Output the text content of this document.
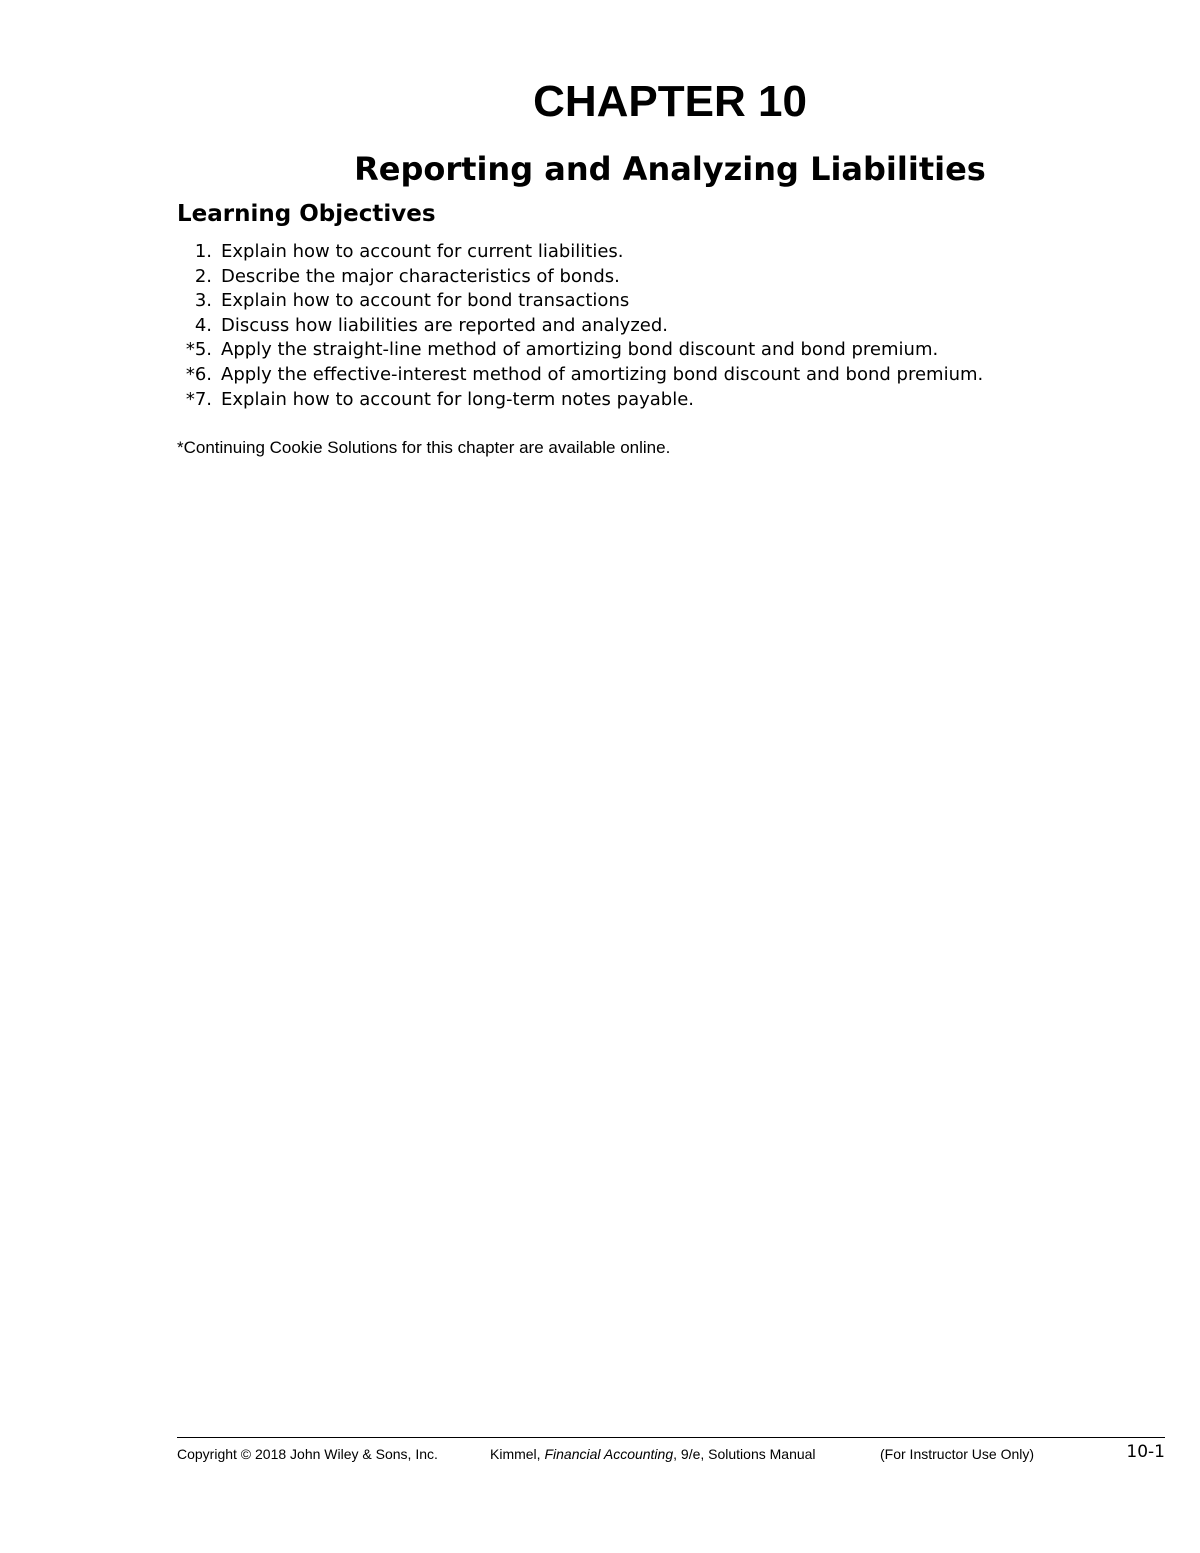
CHAPTER 10
Reporting and Analyzing Liabilities
Learning Objectives
1. Explain how to account for current liabilities.
2. Describe the major characteristics of bonds.
3. Explain how to account for bond transactions
4. Discuss how liabilities are reported and analyzed.
*5. Apply the straight-line method of amortizing bond discount and bond premium.
*6. Apply the effective-interest method of amortizing bond discount and bond premium.
*7. Explain how to account for long-term notes payable.

*Continuing Cookie Solutions for this chapter are available online.

Copyright © 2018 John Wiley & Sons, Inc.	Kimmel, Financial Accounting, 9/e, Solutions Manual	(For Instructor Use Only)	10-1
